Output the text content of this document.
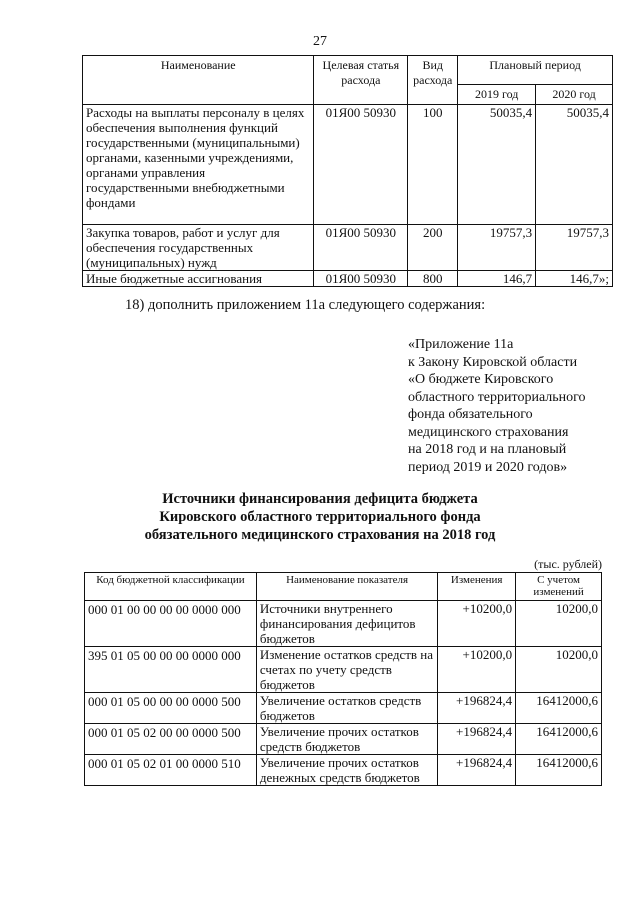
27
Наименование	Целевая статья расхода	Вид расхода	Плановый период	
			2019 год	2020 год
Расходы на выплаты персоналу в целях обеспечения выполнения функций государственными (муниципальными) органами, казенными учреждениями, органами управления государственными внебюджетными фондами	01Я00 50930	100	50035,4	50035,4
Закупка товаров, работ и услуг для обеспечения государственных (муниципальных) нужд	01Я00 50930	200	19757,3	19757,3
Иные бюджетные ассигнования	01Я00 50930	800	146,7	146,7»;
18) дополнить приложением 11а следующего содержания:
«Приложение 11а
к Закону Кировской области
«О бюджете Кировского
областного территориального
фонда обязательного
медицинского страхования
на 2018 год и на плановый
период 2019 и 2020 годов»
Источники финансирования дефицита бюджета
Кировского областного территориального фонда
обязательного медицинского страхования на 2018 год
(тыс. рублей)
Код бюджетной классификации	Наименование показателя	Изменения	С учетом изменений
000 01 00 00 00 00 0000 000	Источники внутреннего финансирования дефицитов бюджетов	+10200,0	10200,0
395 01 05 00 00 00 0000 000	Изменение остатков средств на счетах по учету средств бюджетов	+10200,0	10200,0
000 01 05 00 00 00 0000 500	Увеличение остатков средств бюджетов	+196824,4	16412000,6
000 01 05 02 00 00 0000 500	Увеличение прочих остатков средств бюджетов	+196824,4	16412000,6
000 01 05 02 01 00 0000 510	Увеличение прочих остатков денежных средств бюджетов	+196824,4	16412000,6
